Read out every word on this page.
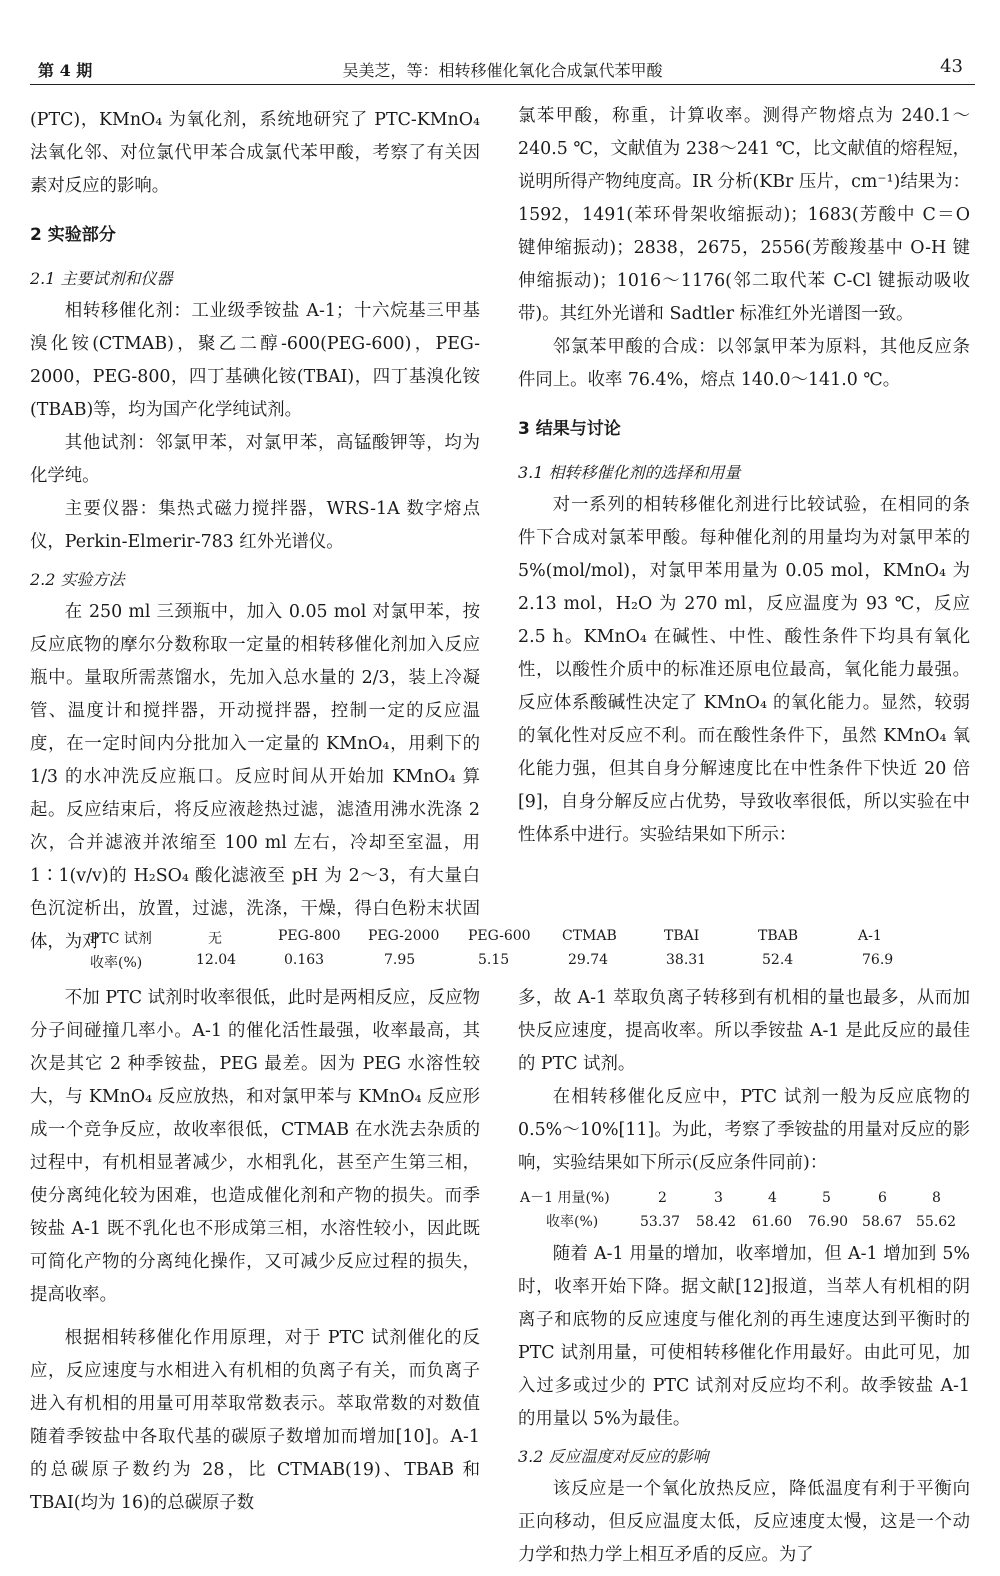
第 4 期	吴美芝，等：相转移催化氧化合成氯代苯甲酸	43

(PTC)，KMnO₄ 为氧化剂，系统地研究了 PTC-KMnO₄ 法氧化邻、对位氯代甲苯合成氯代苯甲酸，考察了有关因素对反应的影响。

2 实验部分
2.1 主要试剂和仪器

相转移催化剂：工业级季铵盐 A-1；十六烷基三甲基溴化铵(CTMAB)，聚乙二醇-600(PEG-600)，PEG-2000，PEG-800，四丁基碘化铵(TBAI)，四丁基溴化铵(TBAB)等，均为国产化学纯试剂。

其他试剂：邻氯甲苯，对氯甲苯，高锰酸钾等，均为化学纯。

主要仪器：集热式磁力搅拌器，WRS-1A 数字熔点仪，Perkin-Elmerir-783 红外光谱仪。

2.2 实验方法

在 250 ml 三颈瓶中，加入 0.05 mol 对氯甲苯，按反应底物的摩尔分数称取一定量的相转移催化剂加入反应瓶中。量取所需蒸馏水，先加入总水量的 2/3，装上冷凝管、温度计和搅拌器，开动搅拌器，控制一定的反应温度，在一定时间内分批加入一定量的 KMnO₄，用剩下的 1/3 的水冲洗反应瓶口。反应时间从开始加 KMnO₄ 算起。反应结束后，将反应液趁热过滤，滤渣用沸水洗涤 2 次，合并滤液并浓缩至 100 ml 左右，冷却至室温，用 1∶1(v/v)的 H₂SO₄ 酸化滤液至 pH 为 2～3，有大量白色沉淀析出，放置，过滤，洗涤，干燥，得白色粉末状固体，为对

氯苯甲酸，称重，计算收率。测得产物熔点为 240.1～240.5 ℃，文献值为 238～241 ℃，比文献值的熔程短，说明所得产物纯度高。IR 分析(KBr 压片，cm⁻¹)结果为：1592，1491(苯环骨架收缩振动)；1683(芳酸中 C＝O 键伸缩振动)；2838，2675，2556(芳酸羧基中 O-H 键伸缩振动)；1016～1176(邻二取代苯 C-Cl 键振动吸收带)。其红外光谱和 Sadtler 标准红外光谱图一致。

邻氯苯甲酸的合成：以邻氯甲苯为原料，其他反应条件同上。收率 76.4%，熔点 140.0～141.0 ℃。

3 结果与讨论
3.1 相转移催化剂的选择和用量

对一系列的相转移催化剂进行比较试验，在相同的条件下合成对氯苯甲酸。每种催化剂的用量均为对氯甲苯的 5%(mol/mol)，对氯甲苯用量为 0.05 mol，KMnO₄ 为 2.13 mol，H₂O 为 270 ml，反应温度为 93 ℃，反应 2.5 h。KMnO₄ 在碱性、中性、酸性条件下均具有氧化性，以酸性介质中的标准还原电位最高，氧化能力最强。反应体系酸碱性决定了 KMnO₄ 的氧化能力。显然，较弱的氧化性对反应不利。而在酸性条件下，虽然 KMnO₄ 氧化能力强，但其自身分解速度比在中性条件下快近 20 倍[9]，自身分解反应占优势，导致收率很低，所以实验在中性体系中进行。实验结果如下所示：

PTC 试剂	无	PEG-800 PEG-2000 PEG-600 CTMAB	TBAI	TBAB	A-1
收率(%)	12.04	0.163	7.95	5.15	29.74	38.31	52.4	76.9

不加 PTC 试剂时收率很低，此时是两相反应，反应物分子间碰撞几率小。A-1 的催化活性最强，收率最高，其次是其它 2 种季铵盐，PEG 最差。因为 PEG 水溶性较大，与 KMnO₄ 反应放热，和对氯甲苯与 KMnO₄ 反应形成一个竞争反应，故收率很低，CTMAB 在水洗去杂质的过程中，有机相显著减少，水相乳化，甚至产生第三相，使分离纯化较为困难，也造成催化剂和产物的损失。而季铵盐 A-1 既不乳化也不形成第三相，水溶性较小，因此既可简化产物的分离纯化操作，又可减少反应过程的损失，提高收率。

根据相转移催化作用原理，对于 PTC 试剂催化的反应，反应速度与水相进入有机相的负离子有关，而负离子进入有机相的用量可用萃取常数表示。萃取常数的对数值随着季铵盐中各取代基的碳原子数增加而增加[10]。A-1 的总碳原子数约为 28，比 CTMAB(19)、TBAB 和 TBAI(均为 16)的总碳原子数

多，故 A-1 萃取负离子转移到有机相的量也最多，从而加快反应速度，提高收率。所以季铵盐 A-1 是此反应的最佳的 PTC 试剂。

在相转移催化反应中，PTC 试剂一般为反应底物的 0.5%～10%[11]。为此，考察了季铵盐的用量对反应的影响，实验结果如下所示(反应条件同前)：

A－1 用量(%)	2	3	4	5	6	8
收率(%)	53.37 58.42 61.60 76.90 58.67 55.62

随着 A-1 用量的增加，收率增加，但 A-1 增加到 5%时，收率开始下降。据文献[12]报道，当萃人有机相的阴离子和底物的反应速度与催化剂的再生速度达到平衡时的 PTC 试剂用量，可使相转移催化作用最好。由此可见，加入过多或过少的 PTC 试剂对反应均不利。故季铵盐 A-1 的用量以 5%为最佳。

3.2 反应温度对反应的影响

该反应是一个氧化放热反应，降低温度有利于平衡向正向移动，但反应温度太低，反应速度太慢，这是一个动力学和热力学上相互矛盾的反应。为了
